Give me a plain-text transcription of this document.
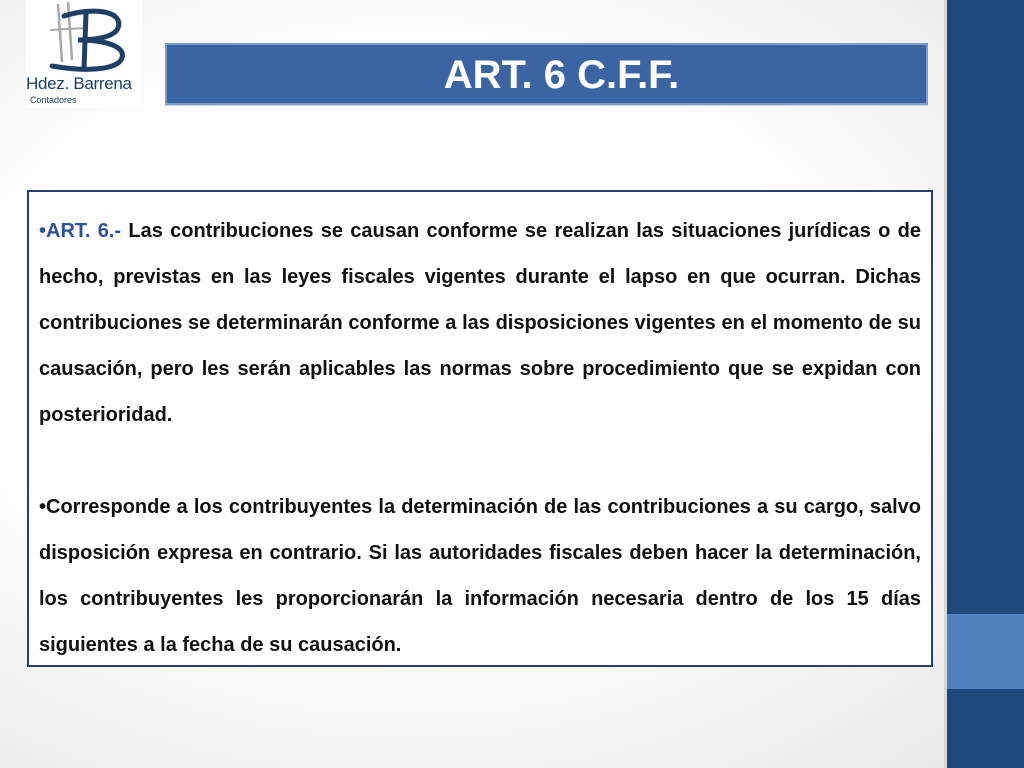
Hdez. Barrena
Contadores
ART. 6 C.F.F.

•ART. 6.- Las contribuciones se causan conforme se realizan las situaciones jurídicas o de hecho, previstas en las leyes fiscales vigentes durante el lapso en que ocurran. Dichas contribuciones se determinarán conforme a las disposiciones vigentes en el momento de su causación, pero les serán aplicables las normas sobre procedimiento que se expidan con posterioridad.

•Corresponde a los contribuyentes la determinación de las contribuciones a su cargo, salvo disposición expresa en contrario. Si las autoridades fiscales deben hacer la determinación, los contribuyentes les proporcionarán la información necesaria dentro de los 15 días siguientes a la fecha de su causación.
